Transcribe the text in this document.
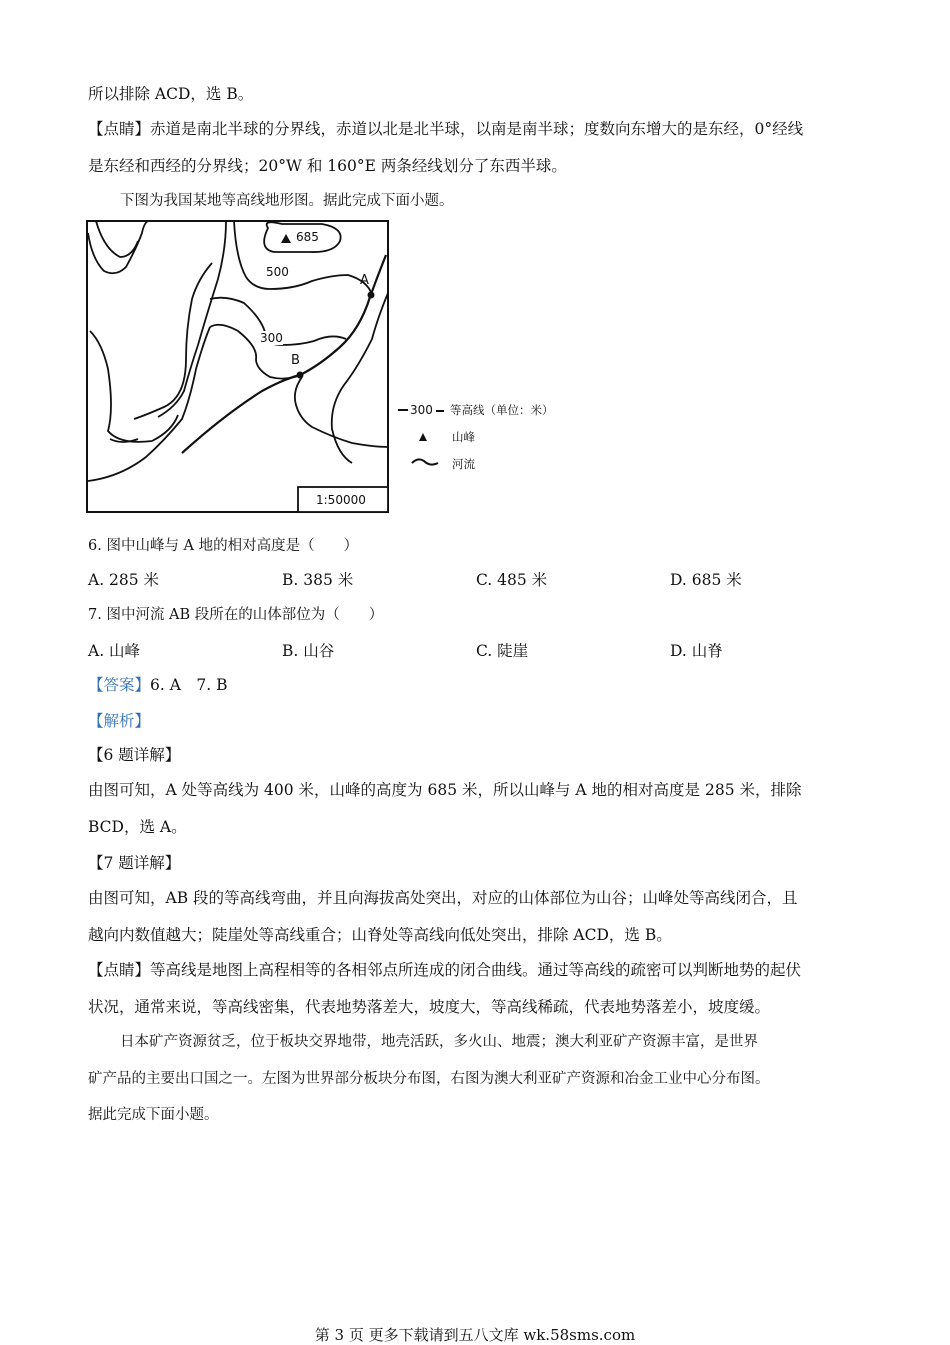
所以排除 ACD，选 B。
【点睛】赤道是南北半球的分界线，赤道以北是北半球，以南是南半球；度数向东增大的是东经，0°经线
是东经和西经的分界线；20°W 和 160°E 两条经线划分了东西半球。
下图为我国某地等高线地形图。据此完成下面小题。
685
500
300
A
B
1:50000
300 等高线（单位：米）
山峰
河流
6. 图中山峰与 A 地的相对高度是（　　）
A. 285 米	B. 385 米	C. 485 米	D. 685 米
7. 图中河流 AB 段所在的山体部位为（　　）
A. 山峰	B. 山谷	C. 陡崖	D. 山脊
【答案】6. A　7. B
【解析】
【6 题详解】
由图可知，A 处等高线为 400 米，山峰的高度为 685 米，所以山峰与 A 地的相对高度是 285 米，排除
BCD，选 A。
【7 题详解】
由图可知，AB 段的等高线弯曲，并且向海拔高处突出，对应的山体部位为山谷；山峰处等高线闭合，且
越向内数值越大；陡崖处等高线重合；山脊处等高线向低处突出，排除 ACD，选 B。
【点睛】等高线是地图上高程相等的各相邻点所连成的闭合曲线。通过等高线的疏密可以判断地势的起伏
状况，通常来说，等高线密集，代表地势落差大，坡度大，等高线稀疏，代表地势落差小，坡度缓。
日本矿产资源贫乏，位于板块交界地带，地壳活跃，多火山、地震；澳大利亚矿产资源丰富，是世界
矿产品的主要出口国之一。左图为世界部分板块分布图，右图为澳大利亚矿产资源和冶金工业中心分布图。
据此完成下面小题。
第 3 页 更多下载请到五八文库 wk.58sms.com
